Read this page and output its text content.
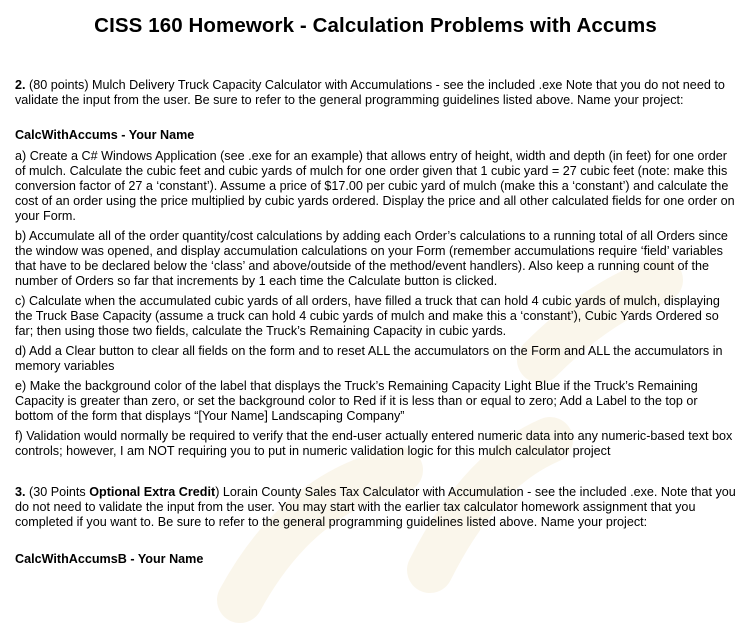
CISS 160 Homework - Calculation Problems with Accums

2. (80 points) Mulch Delivery Truck Capacity Calculator with Accumulations - see the included .exe Note that you do not need to validate the input from the user. Be sure to refer to the general programming guidelines listed above. Name your project:

CalcWithAccums - Your Name

a) Create a C# Windows Application (see .exe for an example) that allows entry of height, width and depth (in feet) for one order of mulch. Calculate the cubic feet and cubic yards of mulch for one order given that 1 cubic yard = 27 cubic feet (note: make this conversion factor of 27 a ‘constant’). Assume a price of $17.00 per cubic yard of mulch (make this a ‘constant’) and calculate the cost of an order using the price multiplied by cubic yards ordered. Display the price and all other calculated fields for one order on your Form.

b) Accumulate all of the order quantity/cost calculations by adding each Order’s calculations to a running total of all Orders since the window was opened, and display accumulation calculations on your Form (remember accumulations require ‘field’ variables that have to be declared below the ‘class’ and above/outside of the method/event handlers). Also keep a running count of the number of Orders so far that increments by 1 each time the Calculate button is clicked.

c) Calculate when the accumulated cubic yards of all orders, have filled a truck that can hold 4 cubic yards of mulch, displaying the Truck Base Capacity (assume a truck can hold 4 cubic yards of mulch and make this a ‘constant’), Cubic Yards Ordered so far; then using those two fields, calculate the Truck’s Remaining Capacity in cubic yards.

d) Add a Clear button to clear all fields on the form and to reset ALL the accumulators on the Form and ALL the accumulators in memory variables

e) Make the background color of the label that displays the Truck’s Remaining Capacity Light Blue if the Truck’s Remaining Capacity is greater than zero, or set the background color to Red if it is less than or equal to zero; Add a Label to the top or bottom of the form that displays “[Your Name] Landscaping Company”

f) Validation would normally be required to verify that the end-user actually entered numeric data into any numeric-based text box controls; however, I am NOT requiring you to put in numeric validation logic for this mulch calculator project

3. (30 Points Optional Extra Credit) Lorain County Sales Tax Calculator with Accumulation - see the included .exe. Note that you do not need to validate the input from the user. You may start with the earlier tax calculator homework assignment that you completed if you want to. Be sure to refer to the general programming guidelines listed above. Name your project:

CalcWithAccumsB - Your Name
